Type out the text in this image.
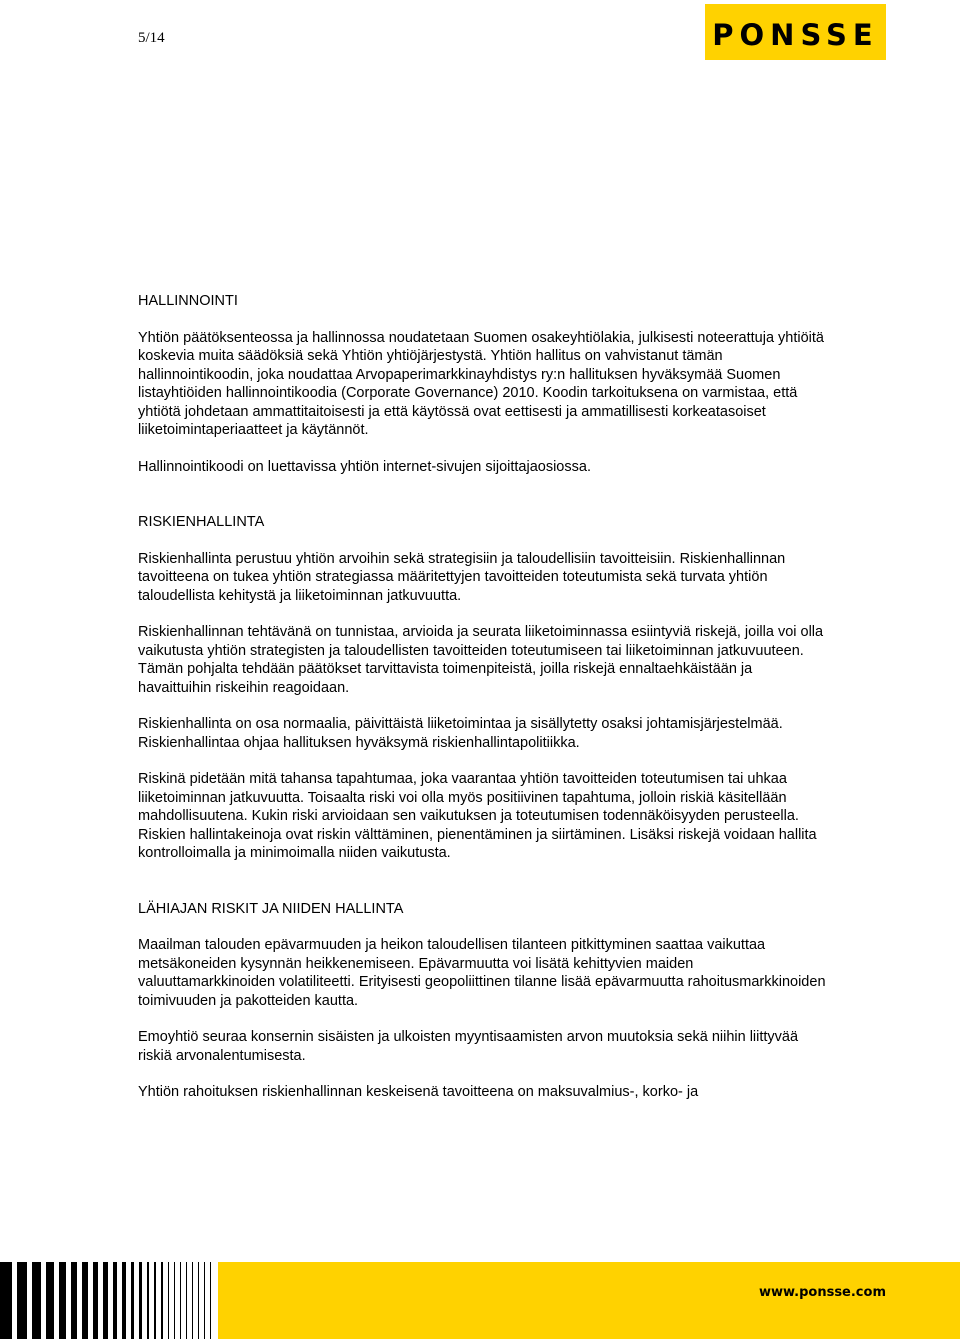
5/14	PONSSE
HALLINNOINTI

Yhtiön päätöksenteossa ja hallinnossa noudatetaan Suomen osakeyhtiölakia, julkisesti noteerattuja yhtiöitä koskevia muita säädöksiä sekä Yhtiön yhtiöjärjestystä. Yhtiön hallitus on vahvistanut tämän hallinnointikoodin, joka noudattaa Arvopaperimarkkinayhdistys ry:n hallituksen hyväksymää Suomen listayhtiöiden hallinnointikoodia (Corporate Governance) 2010. Koodin tarkoituksena on varmistaa, että yhtiötä johdetaan ammattitaitoisesti ja että käytössä ovat eettisesti ja ammatillisesti korkeatasoiset liiketoimintaperiaatteet ja käytännöt.

Hallinnointikoodi on luettavissa yhtiön internet-sivujen sijoittajaosiossa.

RISKIENHALLINTA

Riskienhallinta perustuu yhtiön arvoihin sekä strategisiin ja taloudellisiin tavoitteisiin. Riskienhallinnan tavoitteena on tukea yhtiön strategiassa määritettyjen tavoitteiden toteutumista sekä turvata yhtiön taloudellista kehitystä ja liiketoiminnan jatkuvuutta.

Riskienhallinnan tehtävänä on tunnistaa, arvioida ja seurata liiketoiminnassa esiintyviä riskejä, joilla voi olla vaikutusta yhtiön strategisten ja taloudellisten tavoitteiden toteutumiseen tai liiketoiminnan jatkuvuuteen. Tämän pohjalta tehdään päätökset tarvittavista toimenpiteistä, joilla riskejä ennaltaehkäistään ja havaittuihin riskeihin reagoidaan.

Riskienhallinta on osa normaalia, päivittäistä liiketoimintaa ja sisällytetty osaksi johtamisjärjestelmää. Riskienhallintaa ohjaa hallituksen hyväksymä riskienhallintapolitiikka.

Riskinä pidetään mitä tahansa tapahtumaa, joka vaarantaa yhtiön tavoitteiden toteutumisen tai uhkaa liiketoiminnan jatkuvuutta. Toisaalta riski voi olla myös positiivinen tapahtuma, jolloin riskiä käsitellään mahdollisuutena. Kukin riski arvioidaan sen vaikutuksen ja toteutumisen todennäköisyyden perusteella. Riskien hallintakeinoja ovat riskin välttäminen, pienentäminen ja siirtäminen. Lisäksi riskejä voidaan hallita kontrolloimalla ja minimoimalla niiden vaikutusta.

LÄHIAJAN RISKIT JA NIIDEN HALLINTA

Maailman talouden epävarmuuden ja heikon taloudellisen tilanteen pitkittyminen saattaa vaikuttaa metsäkoneiden kysynnän heikkenemiseen. Epävarmuutta voi lisätä kehittyvien maiden valuuttamarkkinoiden volatiliteetti. Erityisesti geopoliittinen tilanne lisää epävarmuutta rahoitusmarkkinoiden toimivuuden ja pakotteiden kautta.

Emoyhtiö seuraa konsernin sisäisten ja ulkoisten myyntisaamisten arvon muutoksia sekä niihin liittyvää riskiä arvonalentumisesta.

Yhtiön rahoituksen riskienhallinnan keskeisenä tavoitteena on maksuvalmius-, korko- ja

www.ponsse.com
